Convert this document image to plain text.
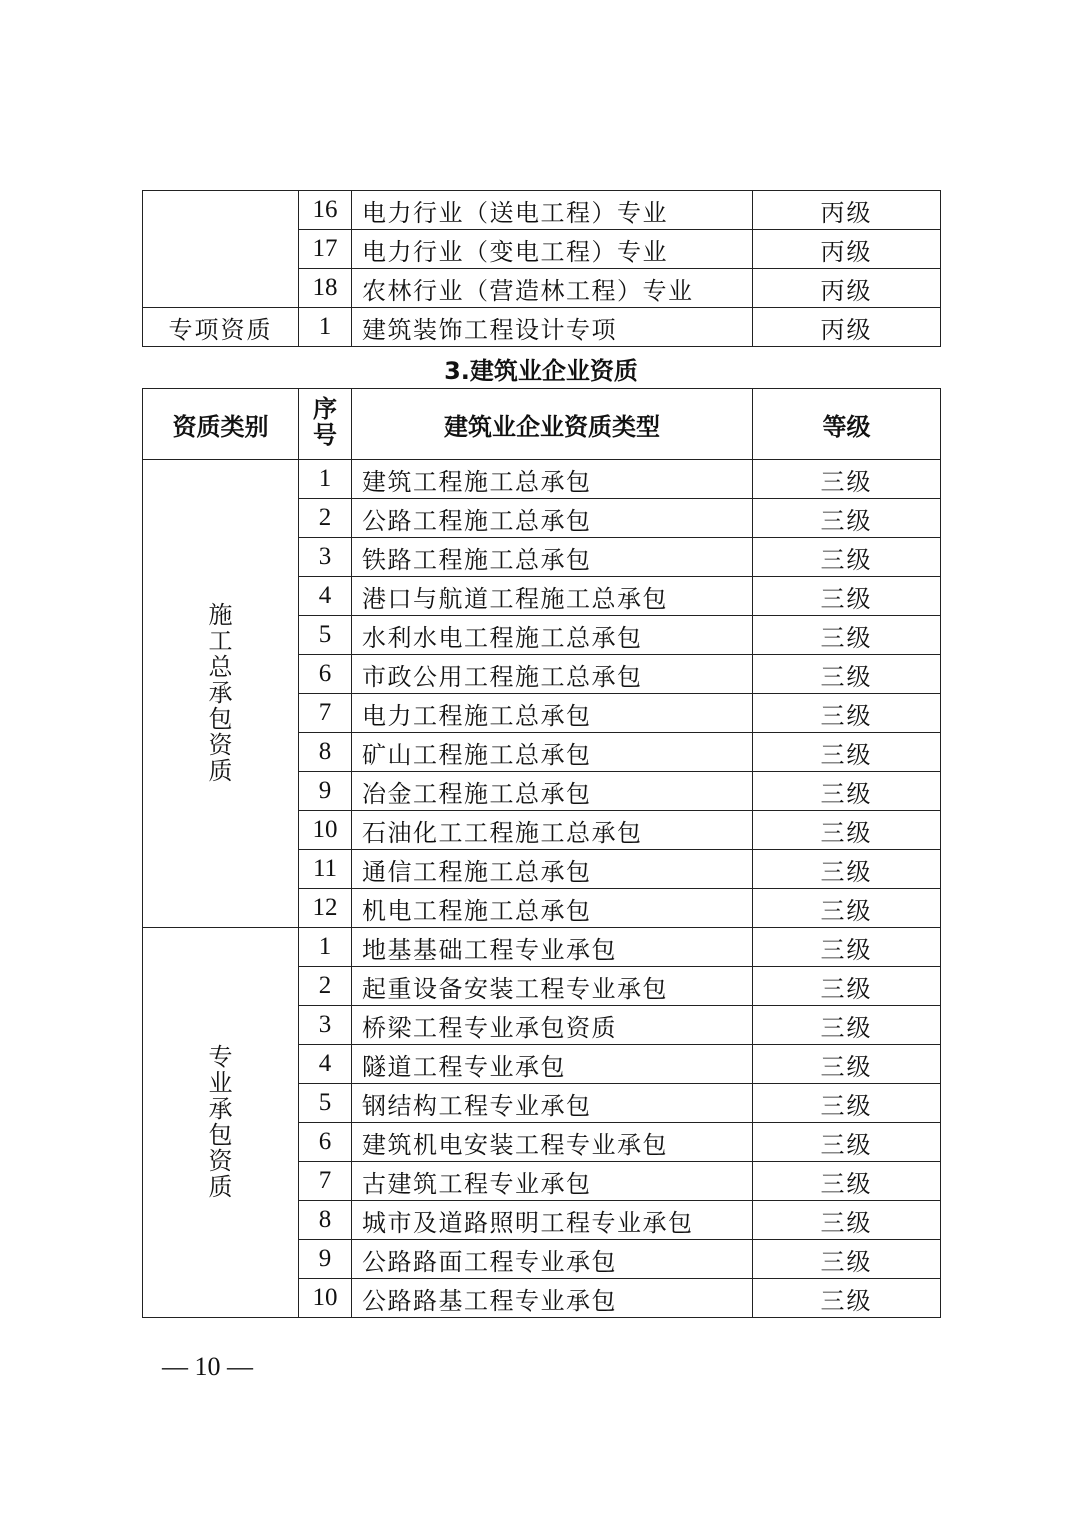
	16	电力行业（送电工程）专业	丙级
	17	电力行业（变电工程）专业	丙级
	18	农林行业（营造林工程）专业	丙级
专项资质	1	建筑装饰工程设计专项	丙级
3.建筑业企业资质
资质类别	序号	建筑业企业资质类型	等级
施工总承包资质	1	建筑工程施工总承包	三级
	2	公路工程施工总承包	三级
	3	铁路工程施工总承包	三级
	4	港口与航道工程施工总承包	三级
	5	水利水电工程施工总承包	三级
	6	市政公用工程施工总承包	三级
	7	电力工程施工总承包	三级
	8	矿山工程施工总承包	三级
	9	冶金工程施工总承包	三级
	10	石油化工工程施工总承包	三级
	11	通信工程施工总承包	三级
	12	机电工程施工总承包	三级
专业承包资质	1	地基基础工程专业承包	三级
	2	起重设备安装工程专业承包	三级
	3	桥梁工程专业承包资质	三级
	4	隧道工程专业承包	三级
	5	钢结构工程专业承包	三级
	6	建筑机电安装工程专业承包	三级
	7	古建筑工程专业承包	三级
	8	城市及道路照明工程专业承包	三级
	9	公路路面工程专业承包	三级
	10	公路路基工程专业承包	三级
— 10 —
